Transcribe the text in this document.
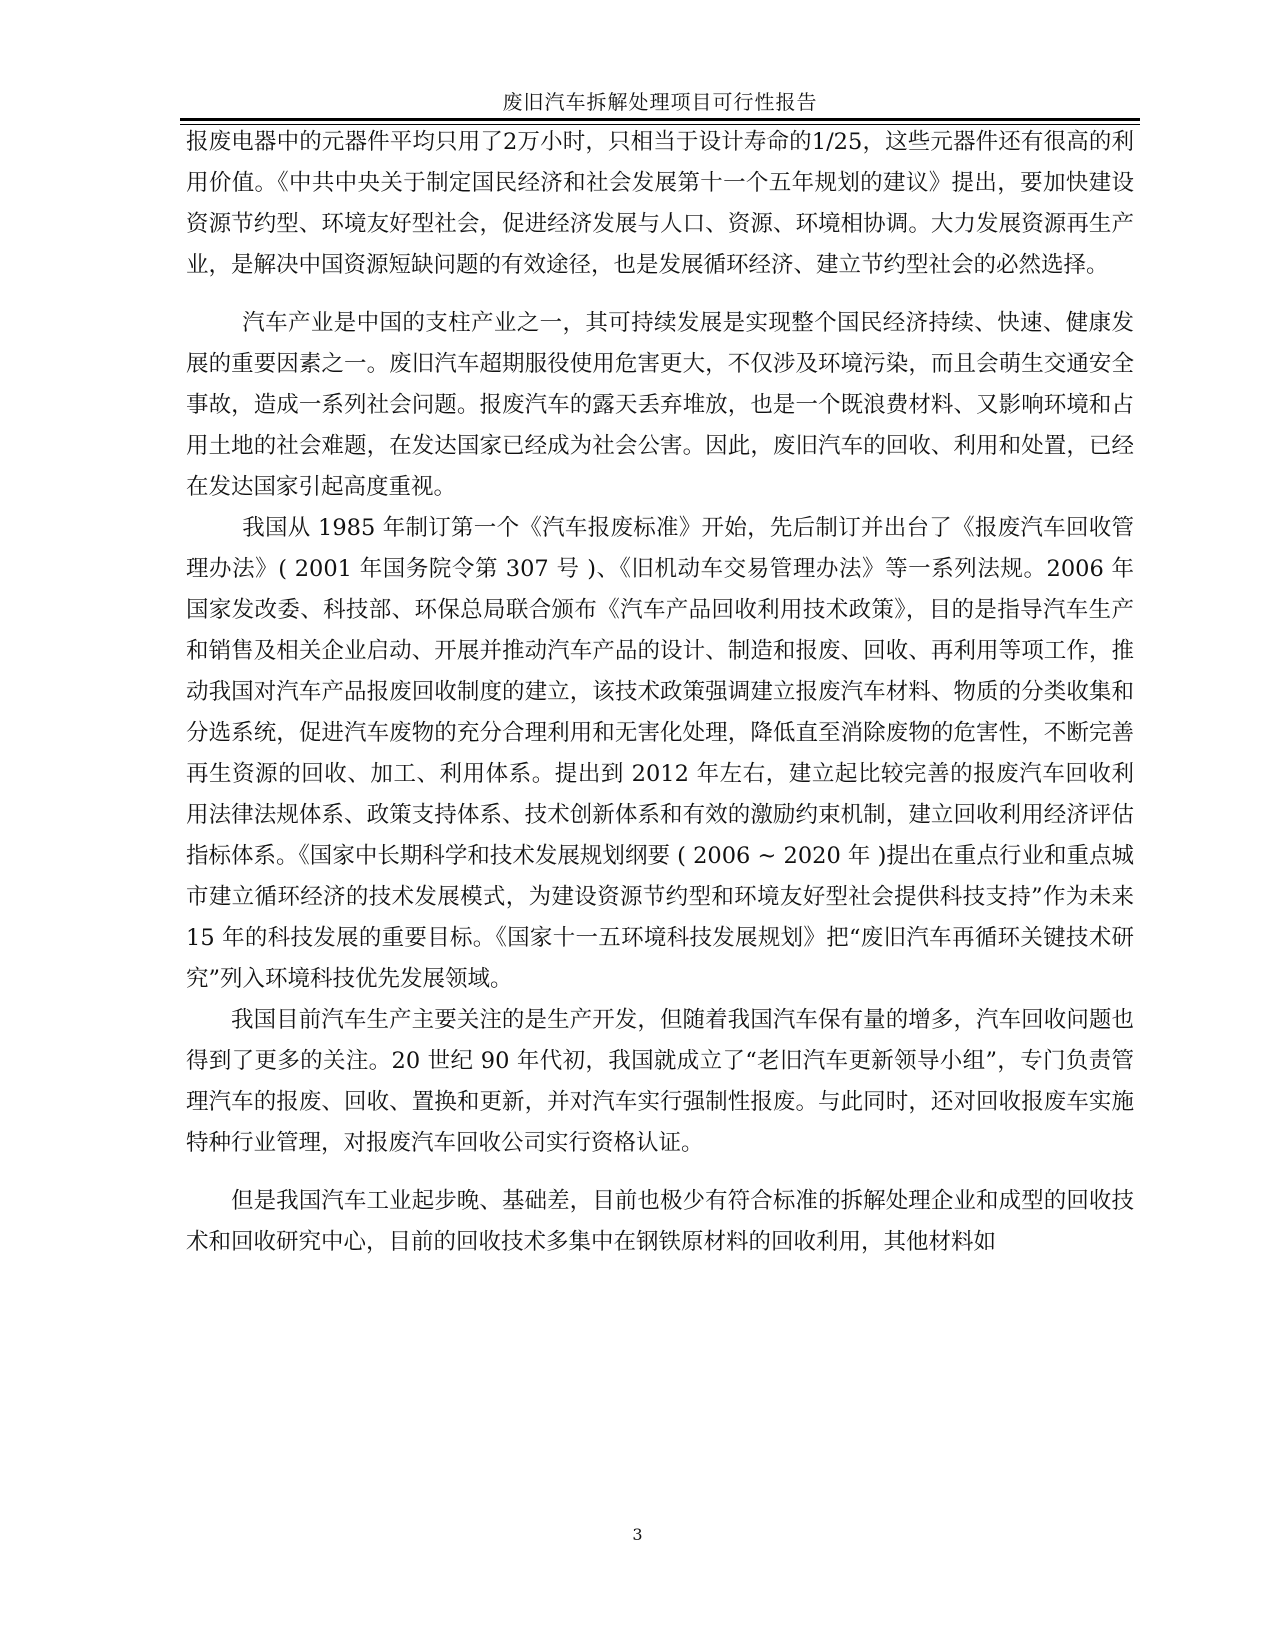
废旧汽车拆解处理项目可行性报告

报废电器中的元器件平均只用了2万小时，只相当于设计寿命的1/25，这些元器件还有很高的利用价值。《中共中央关于制定国民经济和社会发展第十一个五年规划的建议》提出，要加快建设资源节约型、环境友好型社会，促进经济发展与人口、资源、环境相协调。大力发展资源再生产业，是解决中国资源短缺问题的有效途径，也是发展循环经济、建立节约型社会的必然选择。

汽车产业是中国的支柱产业之一，其可持续发展是实现整个国民经济持续、快速、健康发展的重要因素之一。废旧汽车超期服役使用危害更大，不仅涉及环境污染，而且会萌生交通安全事故，造成一系列社会问题。报废汽车的露天丢弃堆放，也是一个既浪费材料、又影响环境和占用土地的社会难题，在发达国家已经成为社会公害。因此，废旧汽车的回收、利用和处置，已经在发达国家引起高度重视。

我国从 1985 年制订第一个《汽车报废标准》开始，先后制订并出台了《报废汽车回收管理办法》( 2001 年国务院令第 307 号 )、《旧机动车交易管理办法》等一系列法规。2006 年国家发改委、科技部、环保总局联合颁布《汽车产品回收利用技术政策》，目的是指导汽车生产和销售及相关企业启动、开展并推动汽车产品的设计、制造和报废、回收、再利用等项工作，推动我国对汽车产品报废回收制度的建立，该技术政策强调建立报废汽车材料、物质的分类收集和分选系统，促进汽车废物的充分合理利用和无害化处理，降低直至消除废物的危害性，不断完善再生资源的回收、加工、利用体系。提出到 2012 年左右，建立起比较完善的报废汽车回收利用法律法规体系、政策支持体系、技术创新体系和有效的激励约束机制，建立回收利用经济评估指标体系。《国家中长期科学和技术发展规划纲要 ( 2006 ~ 2020 年 )提出在重点行业和重点城市建立循环经济的技术发展模式，为建设资源节约型和环境友好型社会提供科技支持”作为未来 15 年的科技发展的重要目标。《国家十一五环境科技发展规划》把“废旧汽车再循环关键技术研究”列入环境科技优先发展领域。

我国目前汽车生产主要关注的是生产开发，但随着我国汽车保有量的增多，汽车回收问题也得到了更多的关注。20 世纪 90 年代初，我国就成立了“老旧汽车更新领导小组”，专门负责管理汽车的报废、回收、置换和更新，并对汽车实行强制性报废。与此同时，还对回收报废车实施特种行业管理，对报废汽车回收公司实行资格认证。

但是我国汽车工业起步晚、基础差，目前也极少有符合标准的拆解处理企业和成型的回收技术和回收研究中心，目前的回收技术多集中在钢铁原材料的回收利用，其他材料如

3
